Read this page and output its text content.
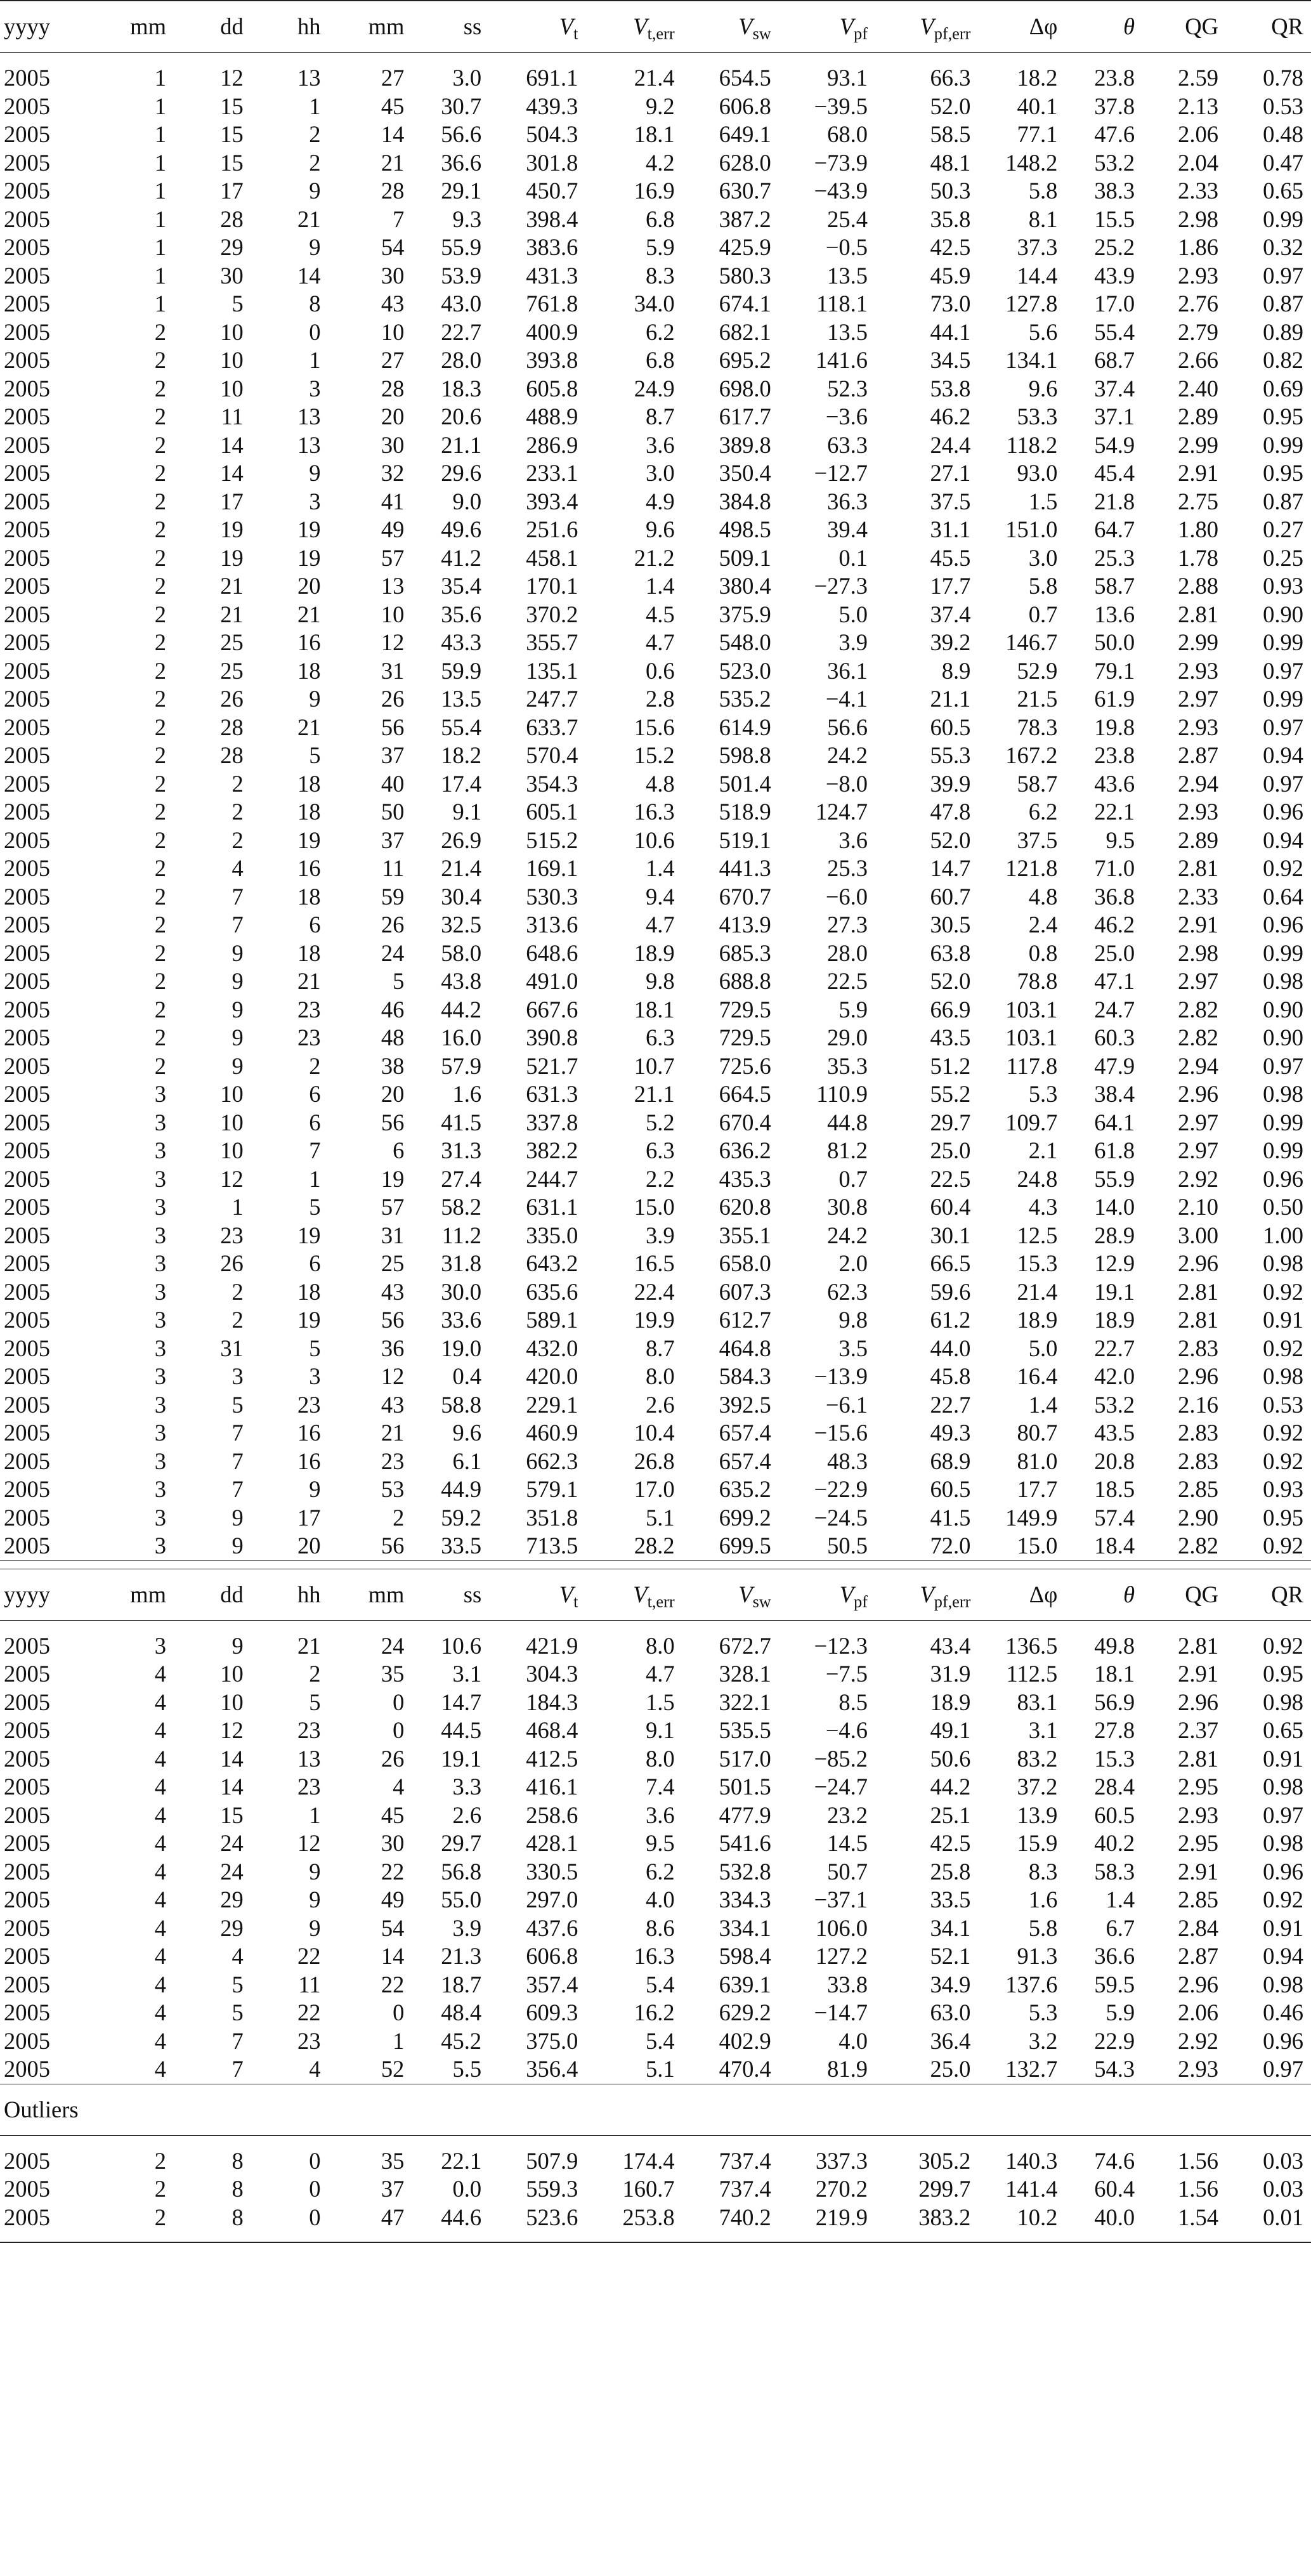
yyyy	mm	dd	hh	mm	ss	$V_t$	$V_{t,err}$	$V_{sw}$	$V_{pf}$	$V_{pf,err}$	Δφ	θ	QG	QR

2005	1	12	13	27	3.0	691.1	21.4	654.5	93.1	66.3	18.2	23.8	2.59	0.78
2005	1	15	1	45	30.7	439.3	9.2	606.8	−39.5	52.0	40.1	37.8	2.13	0.53
2005	1	15	2	14	56.6	504.3	18.1	649.1	68.0	58.5	77.1	47.6	2.06	0.48
2005	1	15	2	21	36.6	301.8	4.2	628.0	−73.9	48.1	148.2	53.2	2.04	0.47
2005	1	17	9	28	29.1	450.7	16.9	630.7	−43.9	50.3	5.8	38.3	2.33	0.65
2005	1	28	21	7	9.3	398.4	6.8	387.2	25.4	35.8	8.1	15.5	2.98	0.99
2005	1	29	9	54	55.9	383.6	5.9	425.9	−0.5	42.5	37.3	25.2	1.86	0.32
2005	1	30	14	30	53.9	431.3	8.3	580.3	13.5	45.9	14.4	43.9	2.93	0.97
2005	1	5	8	43	43.0	761.8	34.0	674.1	118.1	73.0	127.8	17.0	2.76	0.87
2005	2	10	0	10	22.7	400.9	6.2	682.1	13.5	44.1	5.6	55.4	2.79	0.89
2005	2	10	1	27	28.0	393.8	6.8	695.2	141.6	34.5	134.1	68.7	2.66	0.82
2005	2	10	3	28	18.3	605.8	24.9	698.0	52.3	53.8	9.6	37.4	2.40	0.69
2005	2	11	13	20	20.6	488.9	8.7	617.7	−3.6	46.2	53.3	37.1	2.89	0.95
2005	2	14	13	30	21.1	286.9	3.6	389.8	63.3	24.4	118.2	54.9	2.99	0.99
2005	2	14	9	32	29.6	233.1	3.0	350.4	−12.7	27.1	93.0	45.4	2.91	0.95
2005	2	17	3	41	9.0	393.4	4.9	384.8	36.3	37.5	1.5	21.8	2.75	0.87
2005	2	19	19	49	49.6	251.6	9.6	498.5	39.4	31.1	151.0	64.7	1.80	0.27
2005	2	19	19	57	41.2	458.1	21.2	509.1	0.1	45.5	3.0	25.3	1.78	0.25
2005	2	21	20	13	35.4	170.1	1.4	380.4	−27.3	17.7	5.8	58.7	2.88	0.93
2005	2	21	21	10	35.6	370.2	4.5	375.9	5.0	37.4	0.7	13.6	2.81	0.90
2005	2	25	16	12	43.3	355.7	4.7	548.0	3.9	39.2	146.7	50.0	2.99	0.99
2005	2	25	18	31	59.9	135.1	0.6	523.0	36.1	8.9	52.9	79.1	2.93	0.97
2005	2	26	9	26	13.5	247.7	2.8	535.2	−4.1	21.1	21.5	61.9	2.97	0.99
2005	2	28	21	56	55.4	633.7	15.6	614.9	56.6	60.5	78.3	19.8	2.93	0.97
2005	2	28	5	37	18.2	570.4	15.2	598.8	24.2	55.3	167.2	23.8	2.87	0.94
2005	2	2	18	40	17.4	354.3	4.8	501.4	−8.0	39.9	58.7	43.6	2.94	0.97
2005	2	2	18	50	9.1	605.1	16.3	518.9	124.7	47.8	6.2	22.1	2.93	0.96
2005	2	2	19	37	26.9	515.2	10.6	519.1	3.6	52.0	37.5	9.5	2.89	0.94
2005	2	4	16	11	21.4	169.1	1.4	441.3	25.3	14.7	121.8	71.0	2.81	0.92
2005	2	7	18	59	30.4	530.3	9.4	670.7	−6.0	60.7	4.8	36.8	2.33	0.64
2005	2	7	6	26	32.5	313.6	4.7	413.9	27.3	30.5	2.4	46.2	2.91	0.96
2005	2	9	18	24	58.0	648.6	18.9	685.3	28.0	63.8	0.8	25.0	2.98	0.99
2005	2	9	21	5	43.8	491.0	9.8	688.8	22.5	52.0	78.8	47.1	2.97	0.98
2005	2	9	23	46	44.2	667.6	18.1	729.5	5.9	66.9	103.1	24.7	2.82	0.90
2005	2	9	23	48	16.0	390.8	6.3	729.5	29.0	43.5	103.1	60.3	2.82	0.90
2005	2	9	2	38	57.9	521.7	10.7	725.6	35.3	51.2	117.8	47.9	2.94	0.97
2005	3	10	6	20	1.6	631.3	21.1	664.5	110.9	55.2	5.3	38.4	2.96	0.98
2005	3	10	6	56	41.5	337.8	5.2	670.4	44.8	29.7	109.7	64.1	2.97	0.99
2005	3	10	7	6	31.3	382.2	6.3	636.2	81.2	25.0	2.1	61.8	2.97	0.99
2005	3	12	1	19	27.4	244.7	2.2	435.3	0.7	22.5	24.8	55.9	2.92	0.96
2005	3	1	5	57	58.2	631.1	15.0	620.8	30.8	60.4	4.3	14.0	2.10	0.50
2005	3	23	19	31	11.2	335.0	3.9	355.1	24.2	30.1	12.5	28.9	3.00	1.00
2005	3	26	6	25	31.8	643.2	16.5	658.0	2.0	66.5	15.3	12.9	2.96	0.98
2005	3	2	18	43	30.0	635.6	22.4	607.3	62.3	59.6	21.4	19.1	2.81	0.92
2005	3	2	19	56	33.6	589.1	19.9	612.7	9.8	61.2	18.9	18.9	2.81	0.91
2005	3	31	5	36	19.0	432.0	8.7	464.8	3.5	44.0	5.0	22.7	2.83	0.92
2005	3	3	3	12	0.4	420.0	8.0	584.3	−13.9	45.8	16.4	42.0	2.96	0.98
2005	3	5	23	43	58.8	229.1	2.6	392.5	−6.1	22.7	1.4	53.2	2.16	0.53
2005	3	7	16	21	9.6	460.9	10.4	657.4	−15.6	49.3	80.7	43.5	2.83	0.92
2005	3	7	16	23	6.1	662.3	26.8	657.4	48.3	68.9	81.0	20.8	2.83	0.92
2005	3	7	9	53	44.9	579.1	17.0	635.2	−22.9	60.5	17.7	18.5	2.85	0.93
2005	3	9	17	2	59.2	351.8	5.1	699.2	−24.5	41.5	149.9	57.4	2.90	0.95
2005	3	9	20	56	33.5	713.5	28.2	699.5	50.5	72.0	15.0	18.4	2.82	0.92
yyyy	mm	dd	hh	mm	ss	$V_t$	$V_{t,err}$	$V_{sw}$	$V_{pf}$	$V_{pf,err}$	Δφ	θ	QG	QR

2005	3	9	21	24	10.6	421.9	8.0	672.7	−12.3	43.4	136.5	49.8	2.81	0.92
2005	4	10	2	35	3.1	304.3	4.7	328.1	−7.5	31.9	112.5	18.1	2.91	0.95
2005	4	10	5	0	14.7	184.3	1.5	322.1	8.5	18.9	83.1	56.9	2.96	0.98
2005	4	12	23	0	44.5	468.4	9.1	535.5	−4.6	49.1	3.1	27.8	2.37	0.65
2005	4	14	13	26	19.1	412.5	8.0	517.0	−85.2	50.6	83.2	15.3	2.81	0.91
2005	4	14	23	4	3.3	416.1	7.4	501.5	−24.7	44.2	37.2	28.4	2.95	0.98
2005	4	15	1	45	2.6	258.6	3.6	477.9	23.2	25.1	13.9	60.5	2.93	0.97
2005	4	24	12	30	29.7	428.1	9.5	541.6	14.5	42.5	15.9	40.2	2.95	0.98
2005	4	24	9	22	56.8	330.5	6.2	532.8	50.7	25.8	8.3	58.3	2.91	0.96
2005	4	29	9	49	55.0	297.0	4.0	334.3	−37.1	33.5	1.6	1.4	2.85	0.92
2005	4	29	9	54	3.9	437.6	8.6	334.1	106.0	34.1	5.8	6.7	2.84	0.91
2005	4	4	22	14	21.3	606.8	16.3	598.4	127.2	52.1	91.3	36.6	2.87	0.94
2005	4	5	11	22	18.7	357.4	5.4	639.1	33.8	34.9	137.6	59.5	2.96	0.98
2005	4	5	22	0	48.4	609.3	16.2	629.2	−14.7	63.0	5.3	5.9	2.06	0.46
2005	4	7	23	1	45.2	375.0	5.4	402.9	4.0	36.4	3.2	22.9	2.92	0.96
2005	4	7	4	52	5.5	356.4	5.1	470.4	81.9	25.0	132.7	54.3	2.93	0.97
Outliers														

2005	2	8	0	35	22.1	507.9	174.4	737.4	337.3	305.2	140.3	74.6	1.56	0.03
2005	2	8	0	37	0.0	559.3	160.7	737.4	270.2	299.7	141.4	60.4	1.56	0.03
2005	2	8	0	47	44.6	523.6	253.8	740.2	219.9	383.2	10.2	40.0	1.54	0.01
